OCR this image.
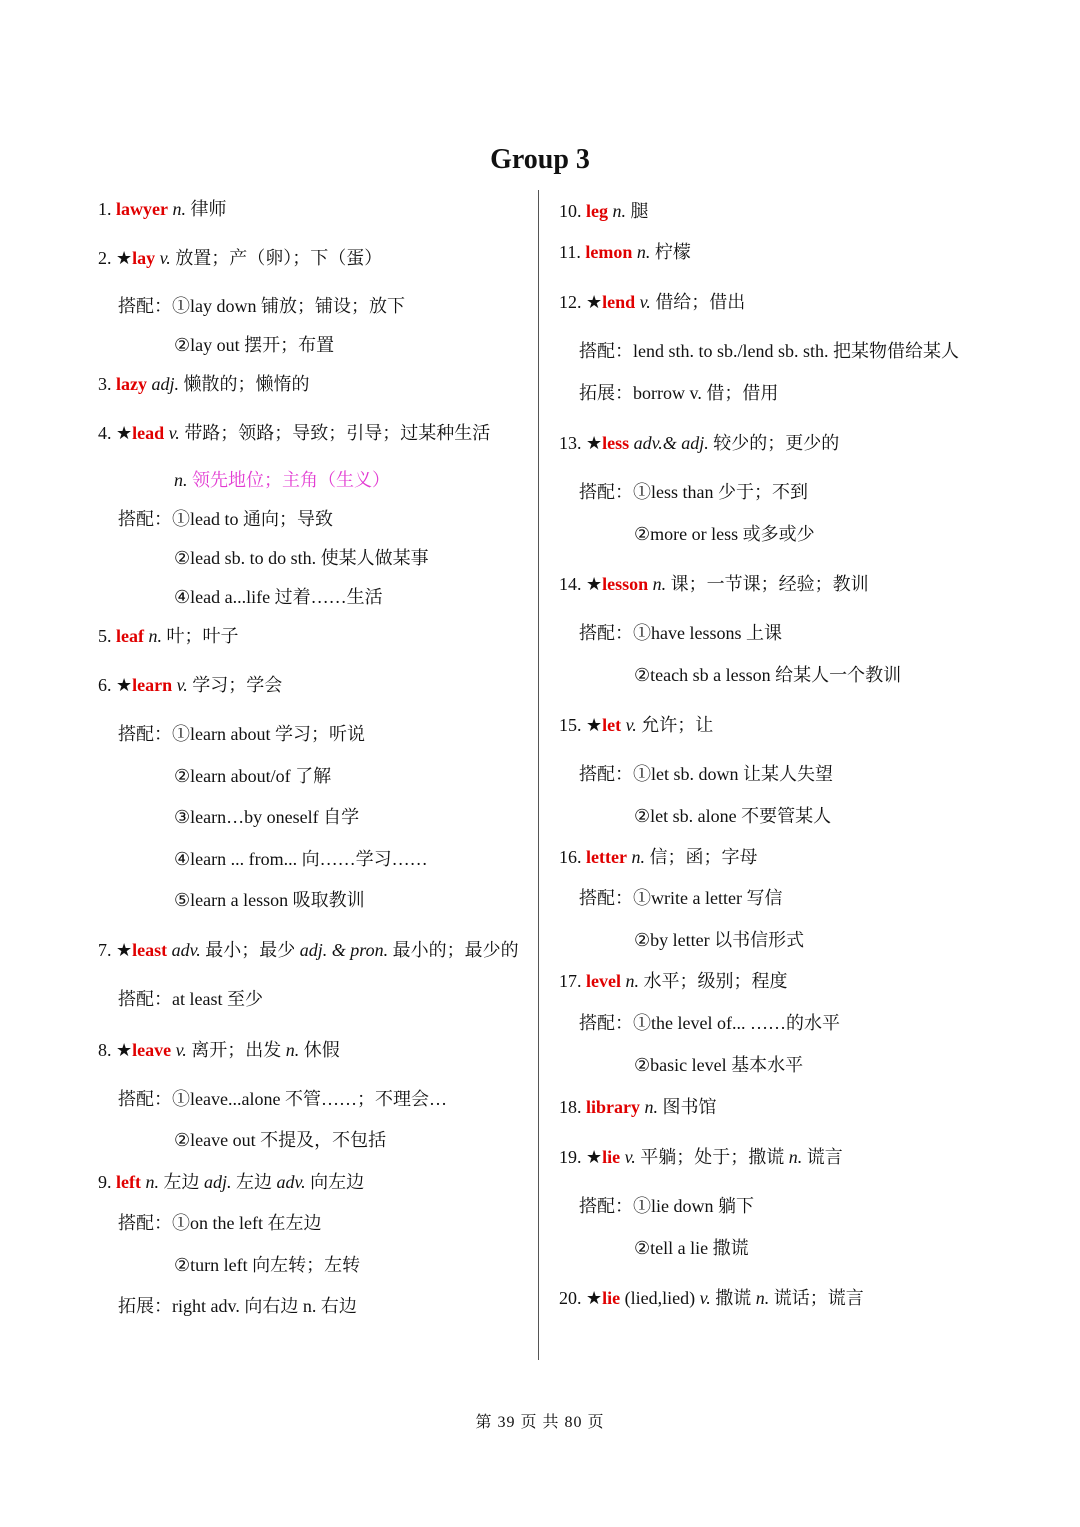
Group 3
1. lawyer n. 律师
2. ★lay v. 放置；产（卵）；下（蛋）
搭配：①lay down 铺放；铺设；放下
②lay out 摆开；布置
3. lazy adj. 懒散的；懒惰的
4. ★lead v. 带路；领路；导致；引导；过某种生活
n. 领先地位；主角（生义）
搭配：①lead to 通向；导致
②lead sb. to do sth. 使某人做某事
④lead a...life 过着……生活
5. leaf n. 叶；叶子
6. ★learn v. 学习；学会
搭配：①learn about 学习；听说
②learn about/of 了解
③learn…by oneself 自学
④learn ... from... 向……学习……
⑤learn a lesson 吸取教训
7. ★least adv. 最小；最少 adj. & pron. 最小的；最少的
搭配：at least 至少
8. ★leave v. 离开；出发 n. 休假
搭配：①leave...alone 不管……；不理会…
②leave out 不提及，不包括
9. left n. 左边 adj. 左边 adv. 向左边
搭配：①on the left 在左边
②turn left 向左转；左转
拓展：right adv. 向右边 n. 右边
10. leg n. 腿
11. lemon n. 柠檬
12. ★lend v. 借给；借出
搭配：lend sth. to sb./lend sb. sth. 把某物借给某人
拓展：borrow v. 借；借用
13. ★less adv.& adj. 较少的；更少的
搭配：①less than 少于；不到
②more or less 或多或少
14. ★lesson n. 课；一节课；经验；教训
搭配：①have lessons 上课
②teach sb a lesson 给某人一个教训
15. ★let v. 允许；让
搭配：①let sb. down 让某人失望
②let sb. alone 不要管某人
16. letter n. 信；函；字母
搭配：①write a letter 写信
②by letter 以书信形式
17. level n. 水平；级别；程度
搭配：①the level of... ……的水平
②basic level 基本水平
18. library n. 图书馆
19. ★lie v. 平躺；处于；撒谎 n. 谎言
搭配：①lie down 躺下
②tell a lie 撒谎
20. ★lie (lied,lied) v. 撒谎 n. 谎话；谎言
第 39 页 共 80 页
